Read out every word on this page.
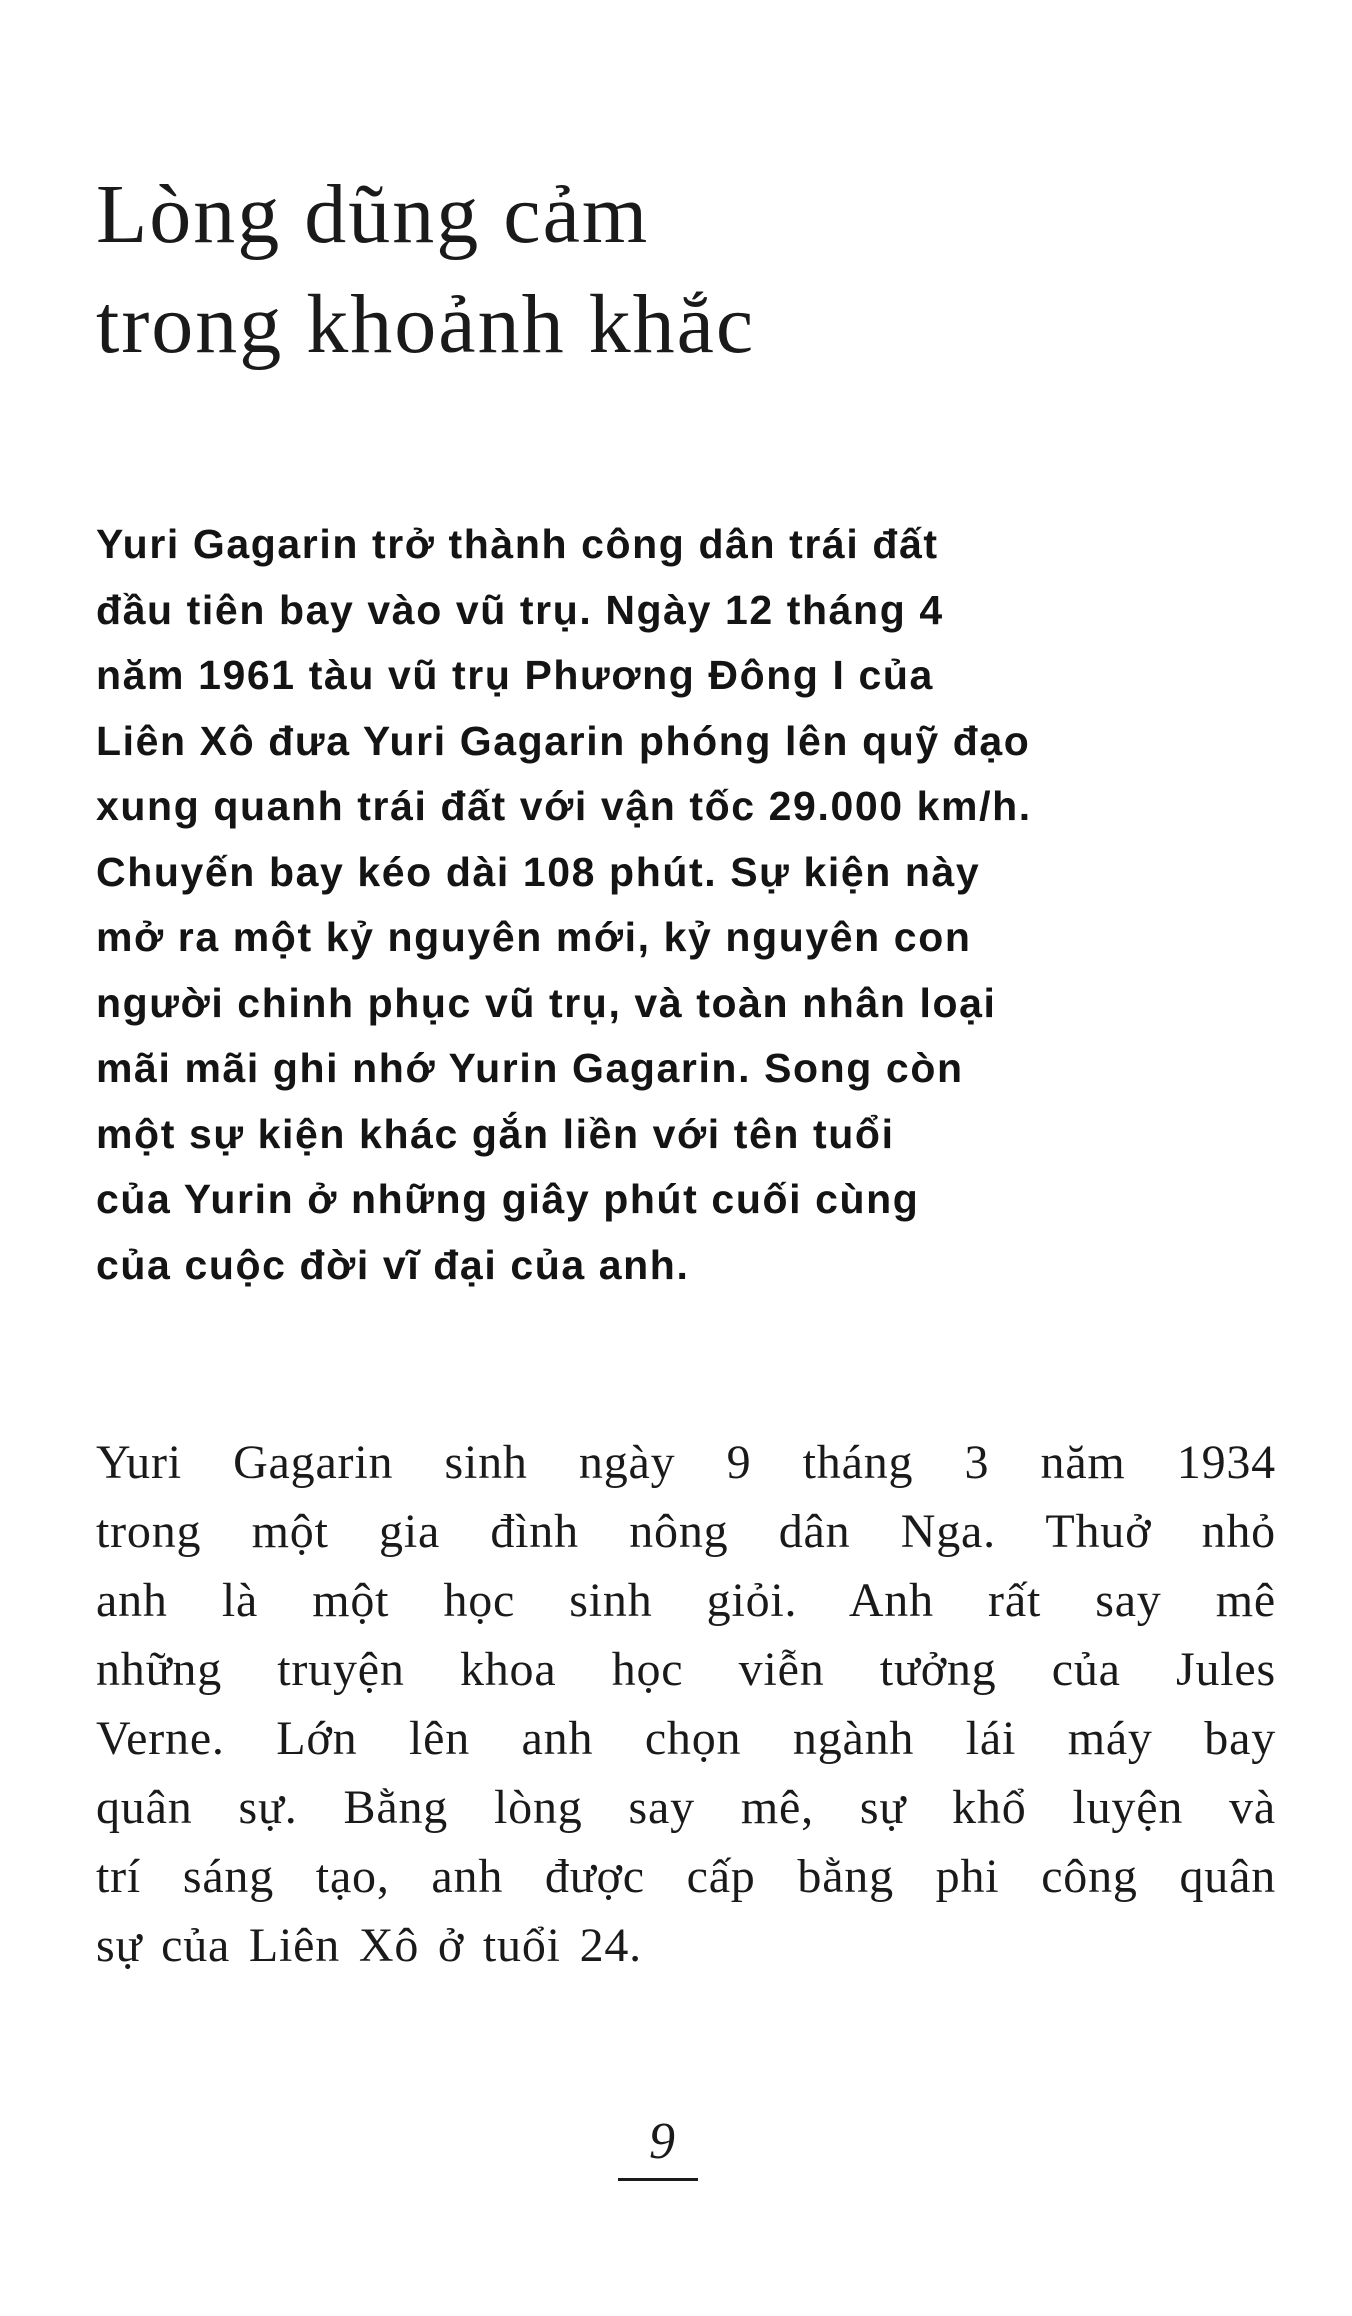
Lòng dũng cảm
trong khoảnh khắc
Yuri Gagarin trở thành công dân trái đất
đầu tiên bay vào vũ trụ. Ngày 12 tháng 4
năm 1961 tàu vũ trụ Phương Đông I của
Liên Xô đưa Yuri Gagarin phóng lên quỹ đạo
xung quanh trái đất với vận tốc 29.000 km/h.
Chuyến bay kéo dài 108 phút. Sự kiện này
mở ra một kỷ nguyên mới, kỷ nguyên con
người chinh phục vũ trụ, và toàn nhân loại
mãi mãi ghi nhớ Yurin Gagarin. Song còn
một sự kiện khác gắn liền với tên tuổi
của Yurin ở những giây phút cuối cùng
của cuộc đời vĩ đại của anh.
Yuri Gagarin sinh ngày 9 tháng 3 năm 1934
trong một gia đình nông dân Nga. Thuở nhỏ
anh là một học sinh giỏi. Anh rất say mê
những truyện khoa học viễn tưởng của Jules
Verne. Lớn lên anh chọn ngành lái máy bay
quân sự. Bằng lòng say mê, sự khổ luyện và
trí sáng tạo, anh được cấp bằng phi công quân
sự của Liên Xô ở tuổi 24.
9
